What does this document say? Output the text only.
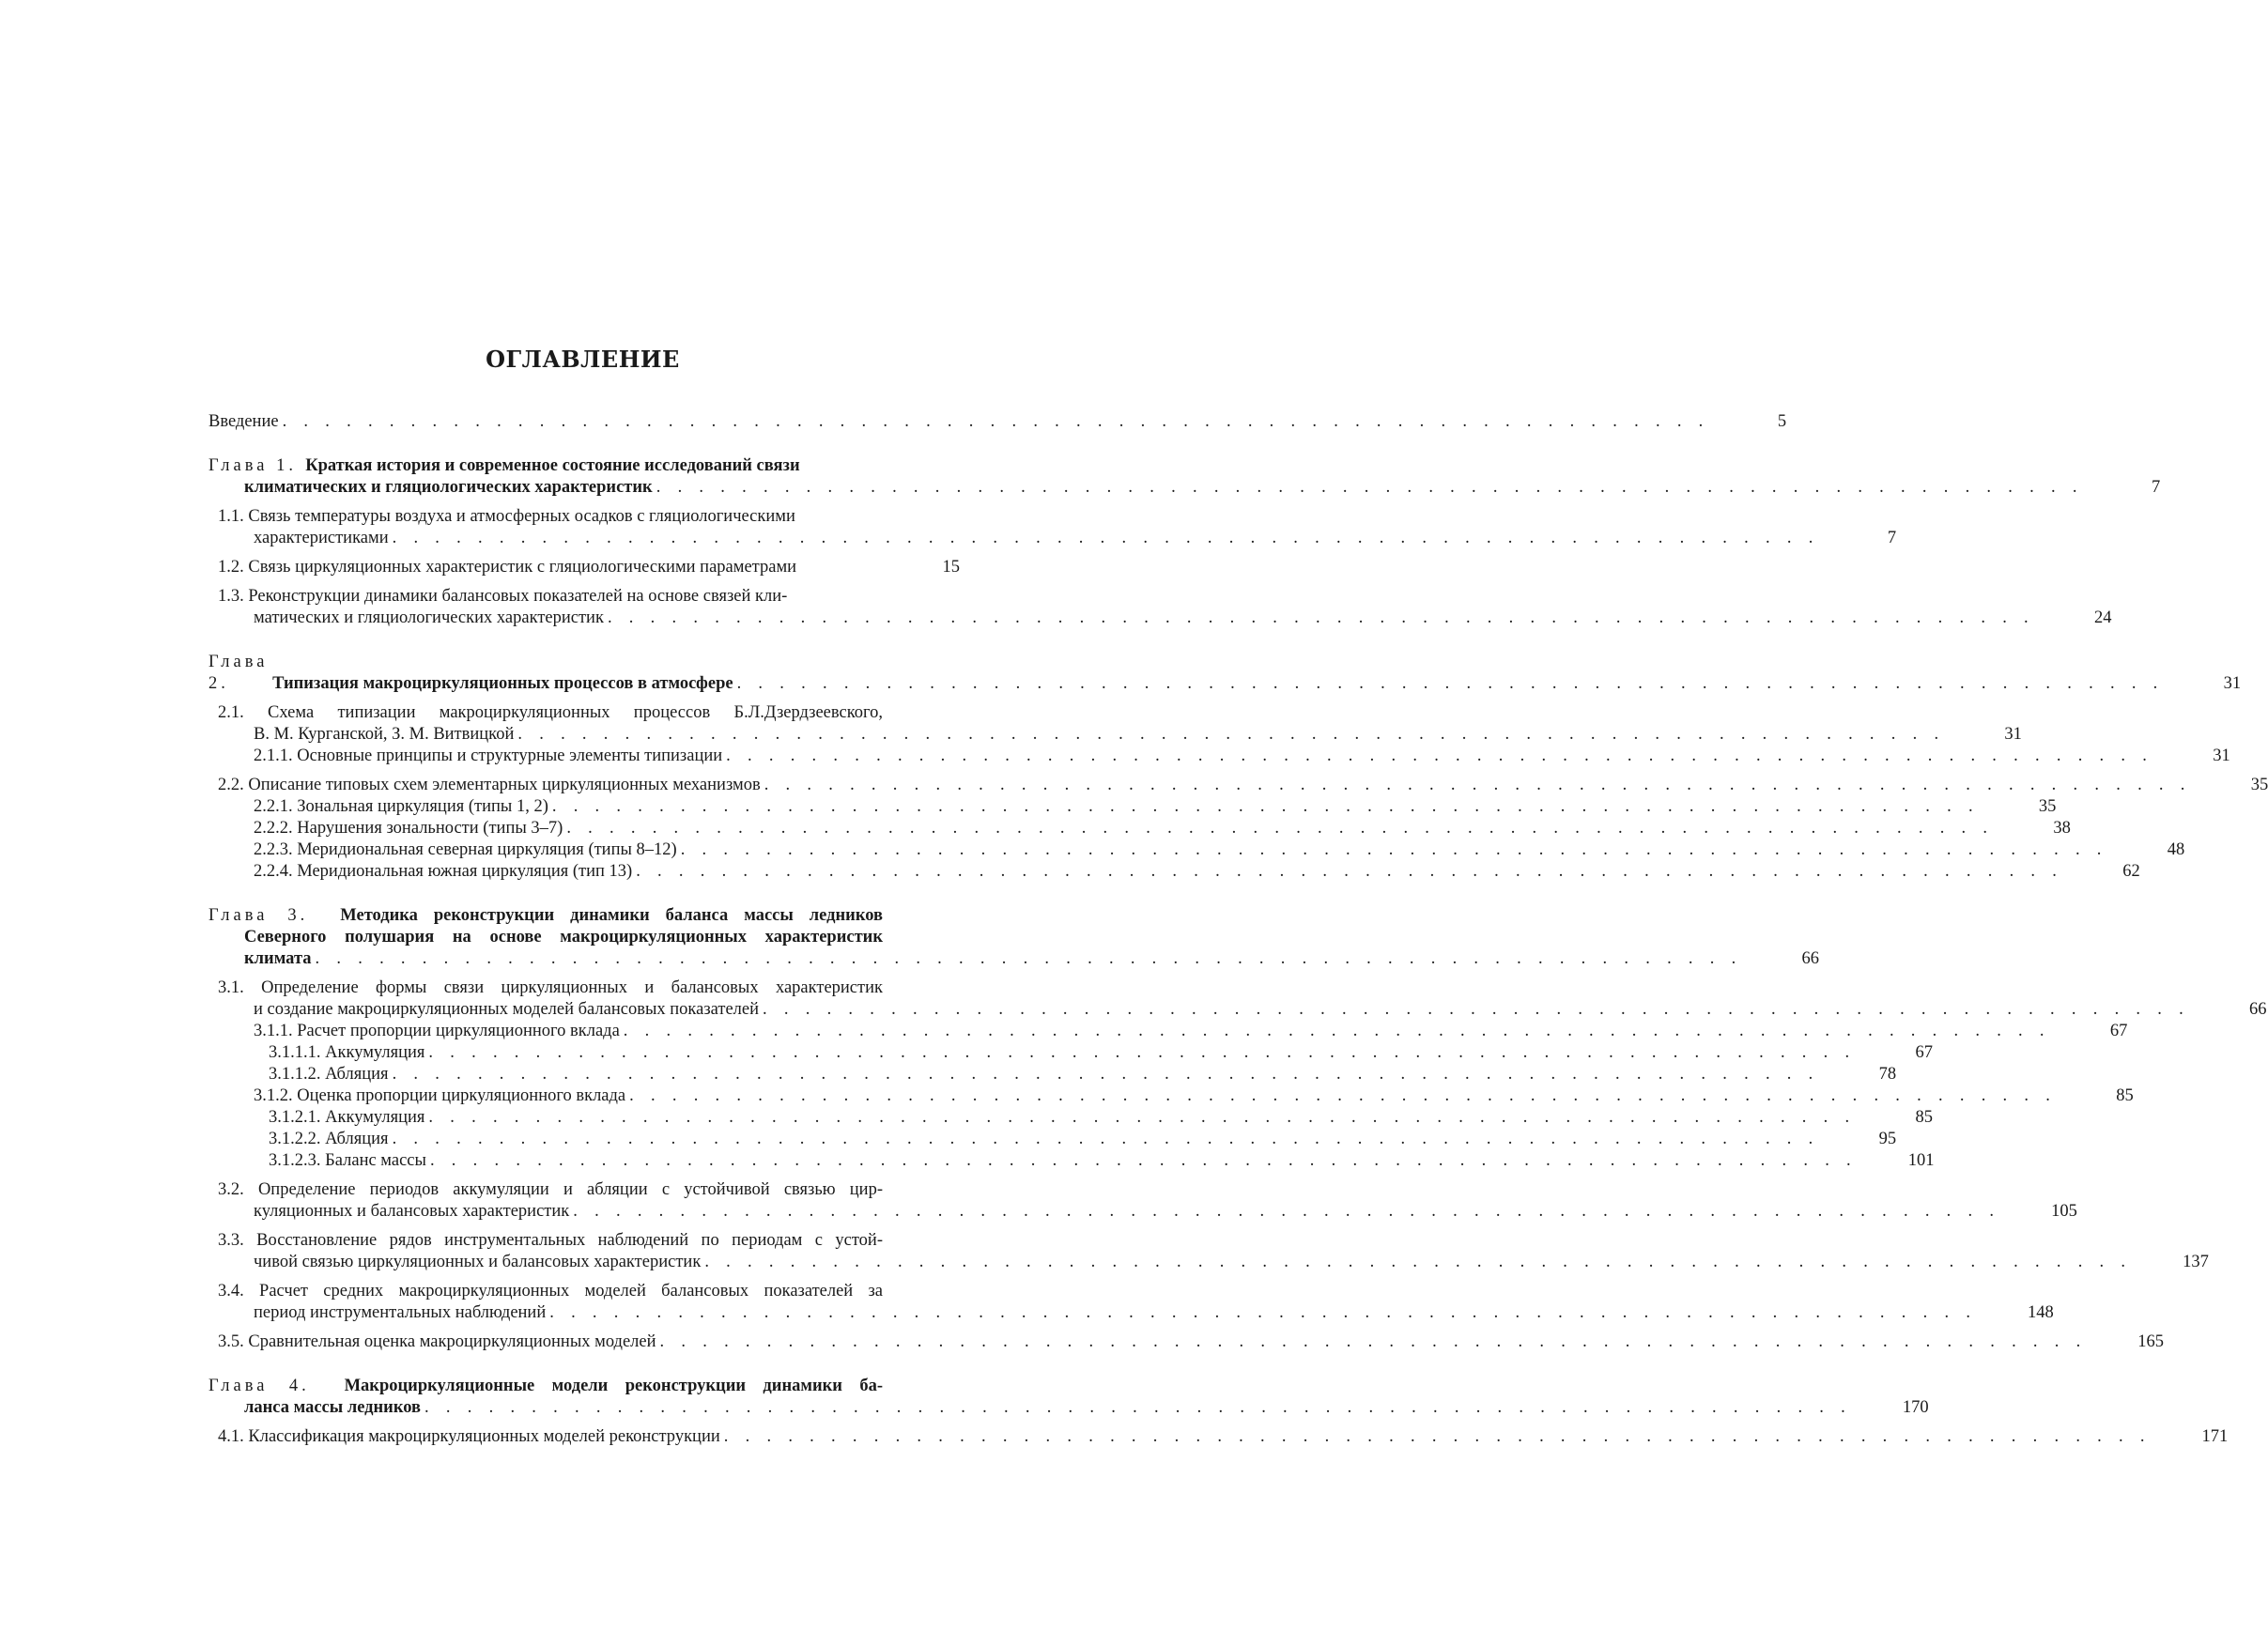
ОГЛАВЛЕНИЕ
Введение . . . . . . . . . . . . . . . . . . . . . . . . . . . . . . . . . . . . . . . . . . . . . . . . . . . . . . . . . . . . . . . . . . .	5
Глава 1. Краткая история и современное состояние исследований связи
климатических и гляциологических характеристик . . . . . . . . . . . . . . . . . . . . . . . . . . . . . . . . . . . . . . . . . . . . . . . . . . . . . . . . . . . . . . . . . . .	7
1.1. Связь температуры воздуха и атмосферных осадков с гляциологическими
характеристиками . . . . . . . . . . . . . . . . . . . . . . . . . . . . . . . . . . . . . . . . . . . . . . . . . . . . . . . . . . . . . . . . . . .	7
1.2.
Связь циркуляционных характеристик с гляциологическими параметрами	15
1.3. Реконструкции динамики балансовых показателей на основе связей кли-
матических и гляциологических характеристик . . . . . . . . . . . . . . . . . . . . . . . . . . . . . . . . . . . . . . . . . . . . . . . . . . . . . . . . . . . . . . . . . . .	24
Глава 2.
	Типизация макроциркуляционных процессов в атмосфере . . . . . . . . . . . . . . . . . . . . . . . . . . . . . . . . . . . . . . . . . . . . . . . . . . . . . . . . . . . . . . . . . . .	31
2.1. Схема типизации макроциркуляционных процессов Б.Л.Дзердзеевского,
В. М. Курганской, З. М. Витвицкой . . . . . . . . . . . . . . . . . . . . . . . . . . . . . . . . . . . . . . . . . . . . . . . . . . . . . . . . . . . . . . . . . . .	31
2.1.1.
Основные принципы и структурные элементы типизации . . . . . . . . . . . . . . . . . . . . . . . . . . . . . . . . . . . . . . . . . . . . . . . . . . . . . . . . . . . . . . . . . . .	31
2.2.
Описание типовых схем элементарных циркуляционных механизмов . . . . . . . . . . . . . . . . . . . . . . . . . . . . . . . . . . . . . . . . . . . . . . . . . . . . . . . . . . . . . . . . . . .	35
2.2.1.
Зональная циркуляция (типы 1, 2) . . . . . . . . . . . . . . . . . . . . . . . . . . . . . . . . . . . . . . . . . . . . . . . . . . . . . . . . . . . . . . . . . . .	35
2.2.2.
Нарушения зональности (типы 3–7) . . . . . . . . . . . . . . . . . . . . . . . . . . . . . . . . . . . . . . . . . . . . . . . . . . . . . . . . . . . . . . . . . . .	38
2.2.3.
Меридиональная северная циркуляция (типы 8–12) . . . . . . . . . . . . . . . . . . . . . . . . . . . . . . . . . . . . . . . . . . . . . . . . . . . . . . . . . . . . . . . . . . .	48
2.2.4.
Меридиональная южная циркуляция (тип 13) . . . . . . . . . . . . . . . . . . . . . . . . . . . . . . . . . . . . . . . . . . . . . . . . . . . . . . . . . . . . . . . . . . .	62
Глава 3. Методика реконструкции динамики баланса массы ледников
Северного полушария на основе макроциркуляционных характеристик
климата . . . . . . . . . . . . . . . . . . . . . . . . . . . . . . . . . . . . . . . . . . . . . . . . . . . . . . . . . . . . . . . . . . .	66
3.1. Определение формы связи циркуляционных и балансовых характеристик
и создание макроциркуляционных моделей балансовых показателей . . . . . . . . . . . . . . . . . . . . . . . . . . . . . . . . . . . . . . . . . . . . . . . . . . . . . . . . . . . . . . . . . . .	66
3.1.1.
Расчет пропорции циркуляционного вклада . . . . . . . . . . . . . . . . . . . . . . . . . . . . . . . . . . . . . . . . . . . . . . . . . . . . . . . . . . . . . . . . . . .	67
3.1.1.1.
Аккумуляция . . . . . . . . . . . . . . . . . . . . . . . . . . . . . . . . . . . . . . . . . . . . . . . . . . . . . . . . . . . . . . . . . . .	67
3.1.1.2.
Абляция . . . . . . . . . . . . . . . . . . . . . . . . . . . . . . . . . . . . . . . . . . . . . . . . . . . . . . . . . . . . . . . . . . .	78
3.1.2.
Оценка пропорции циркуляционного вклада . . . . . . . . . . . . . . . . . . . . . . . . . . . . . . . . . . . . . . . . . . . . . . . . . . . . . . . . . . . . . . . . . . .	85
3.1.2.1.
Аккумуляция . . . . . . . . . . . . . . . . . . . . . . . . . . . . . . . . . . . . . . . . . . . . . . . . . . . . . . . . . . . . . . . . . . .	85
3.1.2.2.
Абляция . . . . . . . . . . . . . . . . . . . . . . . . . . . . . . . . . . . . . . . . . . . . . . . . . . . . . . . . . . . . . . . . . . .	95
3.1.2.3.
Баланс массы . . . . . . . . . . . . . . . . . . . . . . . . . . . . . . . . . . . . . . . . . . . . . . . . . . . . . . . . . . . . . . . . . . .	101
3.2. Определение периодов аккумуляции и абляции с устойчивой связью цир-
куляционных и балансовых характеристик . . . . . . . . . . . . . . . . . . . . . . . . . . . . . . . . . . . . . . . . . . . . . . . . . . . . . . . . . . . . . . . . . . .	105
3.3. Восстановление рядов инструментальных наблюдений по периодам с устой-
чивой связью циркуляционных и балансовых характеристик . . . . . . . . . . . . . . . . . . . . . . . . . . . . . . . . . . . . . . . . . . . . . . . . . . . . . . . . . . . . . . . . . . .	137
3.4. Расчет средних макроциркуляционных моделей балансовых показателей за
период инструментальных наблюдений . . . . . . . . . . . . . . . . . . . . . . . . . . . . . . . . . . . . . . . . . . . . . . . . . . . . . . . . . . . . . . . . . . .	148
3.5.
Сравнительная оценка макроциркуляционных моделей . . . . . . . . . . . . . . . . . . . . . . . . . . . . . . . . . . . . . . . . . . . . . . . . . . . . . . . . . . . . . . . . . . .	165
Глава 4. Макроциркуляционные модели реконструкции динамики ба-
ланса массы ледников . . . . . . . . . . . . . . . . . . . . . . . . . . . . . . . . . . . . . . . . . . . . . . . . . . . . . . . . . . . . . . . . . . .	170
4.1.
Классификация макроциркуляционных моделей реконструкции . . . . . . . . . . . . . . . . . . . . . . . . . . . . . . . . . . . . . . . . . . . . . . . . . . . . . . . . . . . . . . . . . . .	171
